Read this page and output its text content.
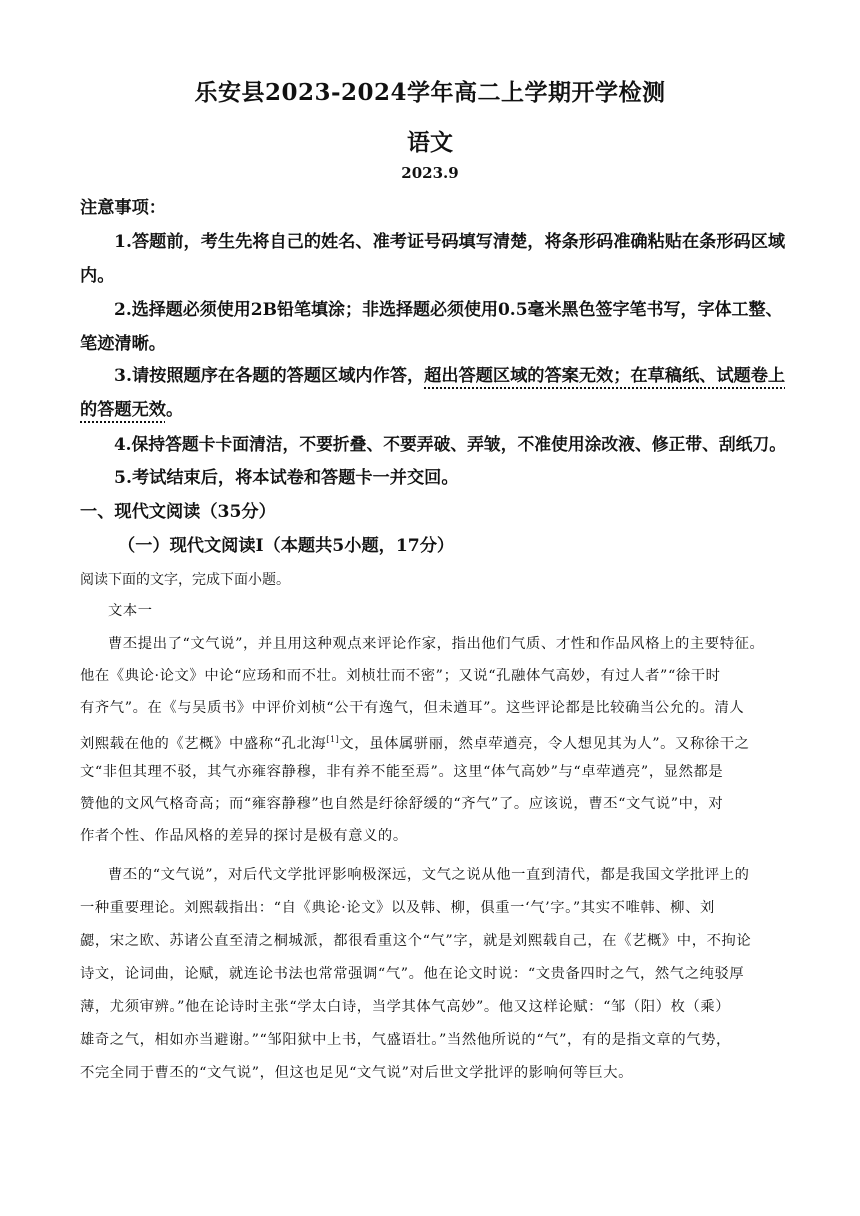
乐安县2023-2024学年高二上学期开学检测
语文
2023.9
注意事项：
1.答题前，考生先将自己的姓名、准考证号码填写清楚，将条形码准确粘贴在条形码区域
内。
2.选择题必须使用2B铅笔填涂；非选择题必须使用0.5毫米黑色签字笔书写，字体工整、
笔迹清晰。
3.请按照题序在各题的答题区域内作答，超出答题区域的答案无效；在草稿纸、试题卷上
的答题无效。
4.保持答题卡卡面清洁，不要折叠、不要弄破、弄皱，不准使用涂改液、修正带、刮纸刀。
5.考试结束后，将本试卷和答题卡一并交回。
一、现代文阅读（35分）
（一）现代文阅读Ⅰ（本题共5小题，17分）
阅读下面的文字，完成下面小题。
文本一
曹丕提出了“文气说”，并且用这种观点来评论作家，指出他们气质、才性和作品风格上的主要特征。
他在《典论·论文》中论“应玚和而不壮。刘桢壮而不密”；又说“孔融体气高妙，有过人者”“徐干时
有齐气”。在《与吴质书》中评价刘桢“公干有逸气，但未遒耳”。这些评论都是比较确当公允的。清人
刘熙载在他的《艺概》中盛称“孔北海[1]文，虽体属骈丽，然卓荦遒亮，令人想见其为人”。又称徐干之
文“非但其理不驳，其气亦雍容静穆，非有养不能至焉”。这里“体气高妙”与“卓荦遒亮”，显然都是
赞他的文风气格奇高；而“雍容静穆”也自然是纡徐舒缓的“齐气”了。应该说，曹丕“文气说”中，对
作者个性、作品风格的差异的探讨是极有意义的。
曹丕的“文气说”，对后代文学批评影响极深远，文气之说从他一直到清代，都是我国文学批评上的
一种重要理论。刘熙载指出：“自《典论·论文》以及韩、柳，俱重一‘气’字。”其实不唯韩、柳、刘
勰，宋之欧、苏诸公直至清之桐城派，都很看重这个“气”字，就是刘熙载自己，在《艺概》中，不拘论
诗文，论词曲，论赋，就连论书法也常常强调“气”。他在论文时说：“文贵备四时之气，然气之纯驳厚
薄，尤须审辨。”他在论诗时主张“学太白诗，当学其体气高妙”。他又这样论赋：“邹（阳）枚（乘）
雄奇之气，相如亦当避谢。”“邹阳狱中上书，气盛语壮。”当然他所说的“气”，有的是指文章的气势，
不完全同于曹丕的“文气说”，但这也足见“文气说”对后世文学批评的影响何等巨大。
